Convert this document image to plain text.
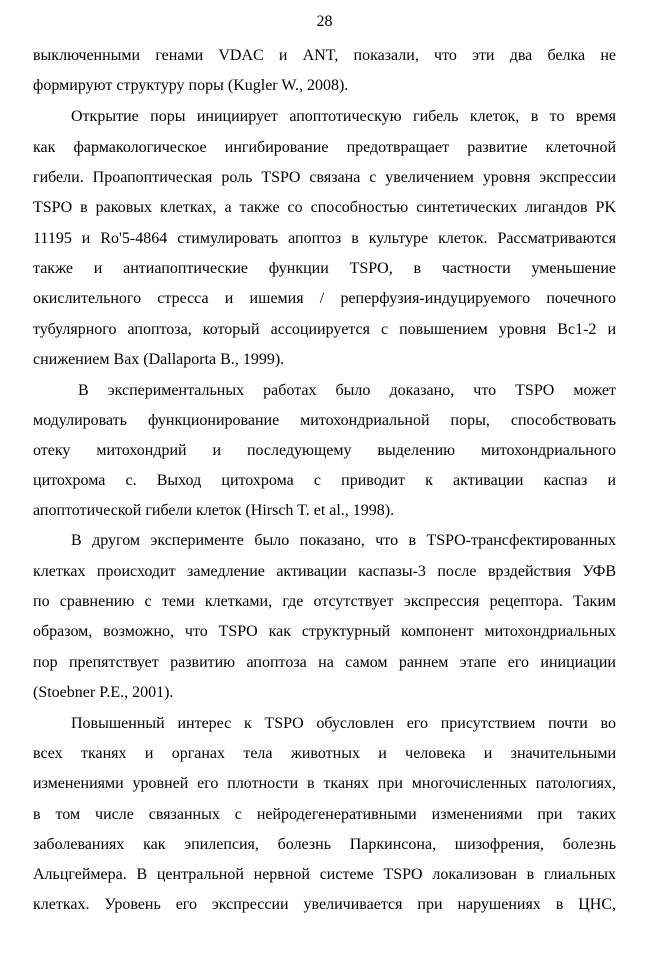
28
выключенными генами VDAC и ANT, показали, что эти два белка не
формируют структуру поры (Kugler W., 2008).
Открытие поры инициирует апоптотическую гибель клеток, в то время
как фармакологическое ингибирование предотвращает развитие клеточной
гибели. Проапоптическая роль TSPO связана с увеличением уровня экспрессии
TSPO в раковых клетках, а также со способностью синтетических лигандов PK
11195 и Ro'5-4864 стимулировать апоптоз в культуре клеток. Рассматриваются
также и антиапоптические функции TSPO, в частности уменьшение
окислительного стресса и ишемия / реперфузия-индуцируемого почечного
тубулярного апоптоза, который ассоциируется с повышением уровня Bc1-2 и
снижением Bax (Dallaporta B., 1999).
В экспериментальных работах было доказано, что TSPO может
модулировать функционирование митохондриальной поры, способствовать
отеку митохондрий и последующему выделению митохондриального
цитохрома с. Выход цитохрома с приводит к активации каспаз и
апоптотической гибели клеток (Hirsch T. et al., 1998).
В другом эксперименте было показано, что в TSPO-трансфектированных
клетках происходит замедление активации каспазы-3 после врздействия УФВ
по сравнению с теми клетками, где отсутствует экспрессия рецептора. Таким
образом, возможно, что TSPO как структурный компонент митохондриальных
пор препятствует развитию апоптоза на самом раннем этапе его инициации
(Stoebner P.E., 2001).
Повышенный интерес к TSPO обусловлен его присутствием почти во
всех тканях и органах тела животных и человека и значительными
изменениями уровней его плотности в тканях при многочисленных патологиях,
в том числе связанных с нейродегенеративными изменениями при таких
заболеваниях как эпилепсия, болезнь Паркинсона, шизофрения, болезнь
Альцгеймера. В центральной нервной системе TSPO локализован в глиальных
клетках. Уровень его экспрессии увеличивается при нарушениях в ЦНС,
